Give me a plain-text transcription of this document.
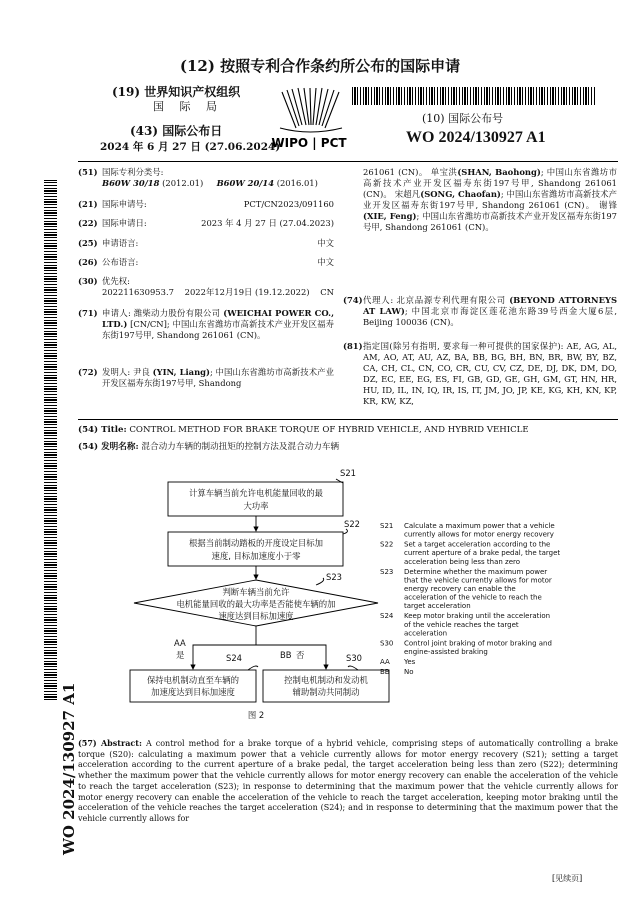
(12) 按照专利合作条约所公布的国际申请
(19) 世界知识产权组织
国 际 局
(43) 国际公布日
2024 年 6 月 27 日 (27.06.2024)
WIPO | PCT
(10) 国际公布号
WO 2024/130927 A1
(51) 国际专利分类号:
B60W 30/18 (2012.01) B60W 20/14 (2016.01)
(21) 国际申请号:	PCT/CN2023/091160
(22) 国际申请日:	2023 年 4 月 27 日 (27.04.2023)
(25) 申请语言:	中文
(26) 公布语言:	中文
(30) 优先权:
202211630953.7 2022年12月19日 (19.12.2022) CN
(71) 申请人: 潍柴动力股份有限公司 (WEICHAI POWER CO., LTD.) [CN/CN]; 中国山东省潍坊市高新技术产业开发区福寿东街197号甲, Shandong 261061 (CN)。
(72) 发明人: 尹良 (YIN, Liang); 中国山东省潍坊市高新技术产业开发区福寿东街197号甲, Shandong
261061 (CN)。 单宝洪(SHAN, Baohong); 中国山东省潍坊市高新技术产业开发区福寿东街197号甲, Shandong 261061 (CN)。 宋超凡(SONG, Chaofan); 中国山东省潍坊市高新技术产业开发区福寿东街197号甲, Shandong 261061 (CN)。 谢锋(XIE, Feng); 中国山东省潍坊市高新技术产业开发区福寿东街197号甲, Shandong 261061 (CN)。
(74) 代理人: 北京品源专利代理有限公司 (BEYOND ATTORNEYS AT LAW); 中国北京市海淀区莲花池东路39号西金大厦6层, Beijing 100036 (CN)。
(81) 指定国(除另有指明, 要求每一种可提供的国家保护): AE, AG, AL, AM, AO, AT, AU, AZ, BA, BB, BG, BH, BN, BR, BW, BY, BZ, CA, CH, CL, CN, CO, CR, CU, CV, CZ, DE, DJ, DK, DM, DO, DZ, EC, EE, EG, ES, FI, GB, GD, GE, GH, GM, GT, HN, HR, HU, ID, IL, IN, IQ, IR, IS, IT, JM, JO, JP, KE, KG, KH, KN, KP, KR, KW, KZ,
(54) Title: CONTROL METHOD FOR BRAKE TORQUE OF HYBRID VEHICLE, AND HYBRID VEHICLE
(54) 发明名称: 混合动力车辆的制动扭矩的控制方法及混合动力车辆
S21
计算车辆当前允许电机能量回收的最
大功率
S22
根据当前制动踏板的开度设定目标加
速度, 目标加速度小于零
S23
判断车辆当前允许
电机能量回收的最大功率是否能使车辆的加
速度达到目标加速度
AA
是	BB 否
S24
保持电机制动直至车辆的
加速度达到目标加速度
S30
控制电机制动和发动机
辅助制动共同制动
图 2
S21 Calculate a maximum power that a vehicle
currently allows for motor energy recovery
S22 Set a target acceleration according to the
current aperture of a brake pedal, the target
acceleration being less than zero
S23 Determine whether the maximum power
that the vehicle currently allows for motor
energy recovery can enable the
acceleration of the vehicle to reach the
target acceleration
S24 Keep motor braking until the acceleration
of the vehicle reaches the target
acceleration
S30 Control joint braking of motor braking and
engine-assisted braking
AA Yes
BB No
(57) Abstract: A control method for a brake torque of a hybrid vehicle, comprising steps of automatically controlling a brake torque (S20): calculating a maximum power that a vehicle currently allows for motor energy recovery (S21); setting a target acceleration according to the current aperture of a brake pedal, the target acceleration being less than zero (S22); determining whether the maximum power that the vehicle currently allows for motor energy recovery can enable the acceleration of the vehicle to reach the target acceleration (S23); in response to determining that the maximum power that the vehicle currently allows for motor energy recovery can enable the acceleration of the vehicle to reach the target acceleration, keeping motor braking until the acceleration of the vehicle reaches the target acceleration (S24); and in response to determining that the maximum power that the vehicle currently allows for
WO 2024/130927 A1
[见续页]
